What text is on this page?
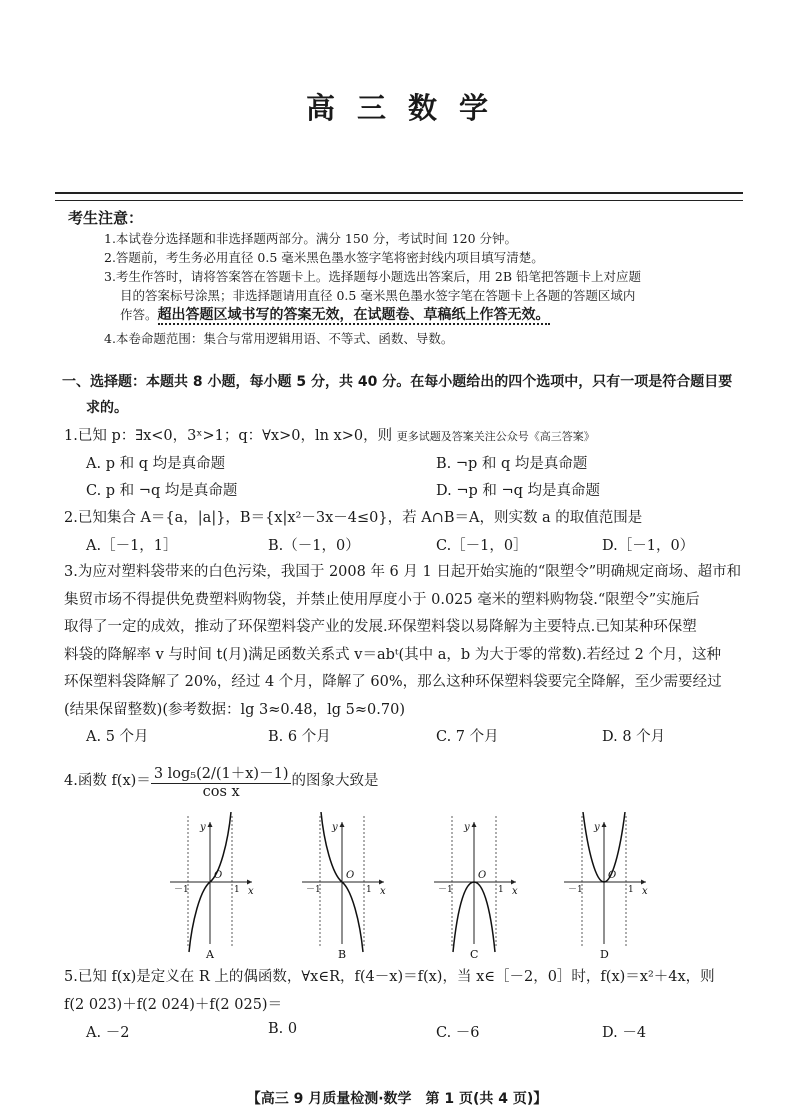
高三数学
考生注意：
1.本试卷分选择题和非选择题两部分。满分 150 分，考试时间 120 分钟。
2.答题前，考生务必用直径 0.5 毫米黑色墨水签字笔将密封线内项目填写清楚。
3.考生作答时，请将答案答在答题卡上。选择题每小题选出答案后，用 2B 铅笔把答题卡上对应题
目的答案标号涂黑；非选择题请用直径 0.5 毫米黑色墨水签字笔在答题卡上各题的答题区域内
作答。超出答题区域书写的答案无效，在试题卷、草稿纸上作答无效。
4.本卷命题范围：集合与常用逻辑用语、不等式、函数、导数。
一、选择题：本题共 8 小题，每小题 5 分，共 40 分。在每小题给出的四个选项中，只有一项是符合题目要
求的。
1.已知 p：∃x<0，3ˣ>1；q：∀x>0，ln x>0，则 更多试题及答案关注公众号《高三答案》
A. p 和 q 均是真命题	B. ¬p 和 q 均是真命题
C. p 和 ¬q 均是真命题	D. ¬p 和 ¬q 均是真命题
2.已知集合 A＝{a，|a|}，B＝{x|x²－3x－4≤0}，若 A∩B＝A，则实数 a 的取值范围是
A.［－1，1］	B.（－1，0）	C.［－1，0］	D.［－1，0）
3.为应对塑料袋带来的白色污染，我国于 2008 年 6 月 1 日起开始实施的“限塑令”明确规定商场、超市和
集贸市场不得提供免费塑料购物袋，并禁止使用厚度小于 0.025 毫米的塑料购物袋.“限塑令”实施后
取得了一定的成效，推动了环保塑料袋产业的发展.环保塑料袋以易降解为主要特点.已知某种环保塑
料袋的降解率 v 与时间 t(月)满足函数关系式 v＝abᵗ(其中 a，b 为大于零的常数).若经过 2 个月，这种
环保塑料袋降解了 20%，经过 4 个月，降解了 60%，那么这种环保塑料袋要完全降解，至少需要经过
(结果保留整数)(参考数据：lg 3≈0.48，lg 5≈0.70)
A. 5 个月	B. 6 个月	C. 7 个月	D. 8 个月
4.函数 $f(x)= \frac{\text{3 log₅(2/(1＋x)－1)}}{\text{cos x}}$ 的图象大致是
y
x
O
－1	1
A
y
x
O
－1	1
B
y
x
O
－1	1
C
y
x
O
－1	1
D
5.已知 f(x)是定义在 R 上的偶函数，∀x∈R，f(4－x)＝f(x)，当 x∈［－2，0］时，f(x)＝x²＋4x，则
f(2 023)＋f(2 024)＋f(2 025)＝
A. －2	B. 0	C. －6	D. －4
【高三 9 月质量检测·数学　第 1 页(共 4 页)】
